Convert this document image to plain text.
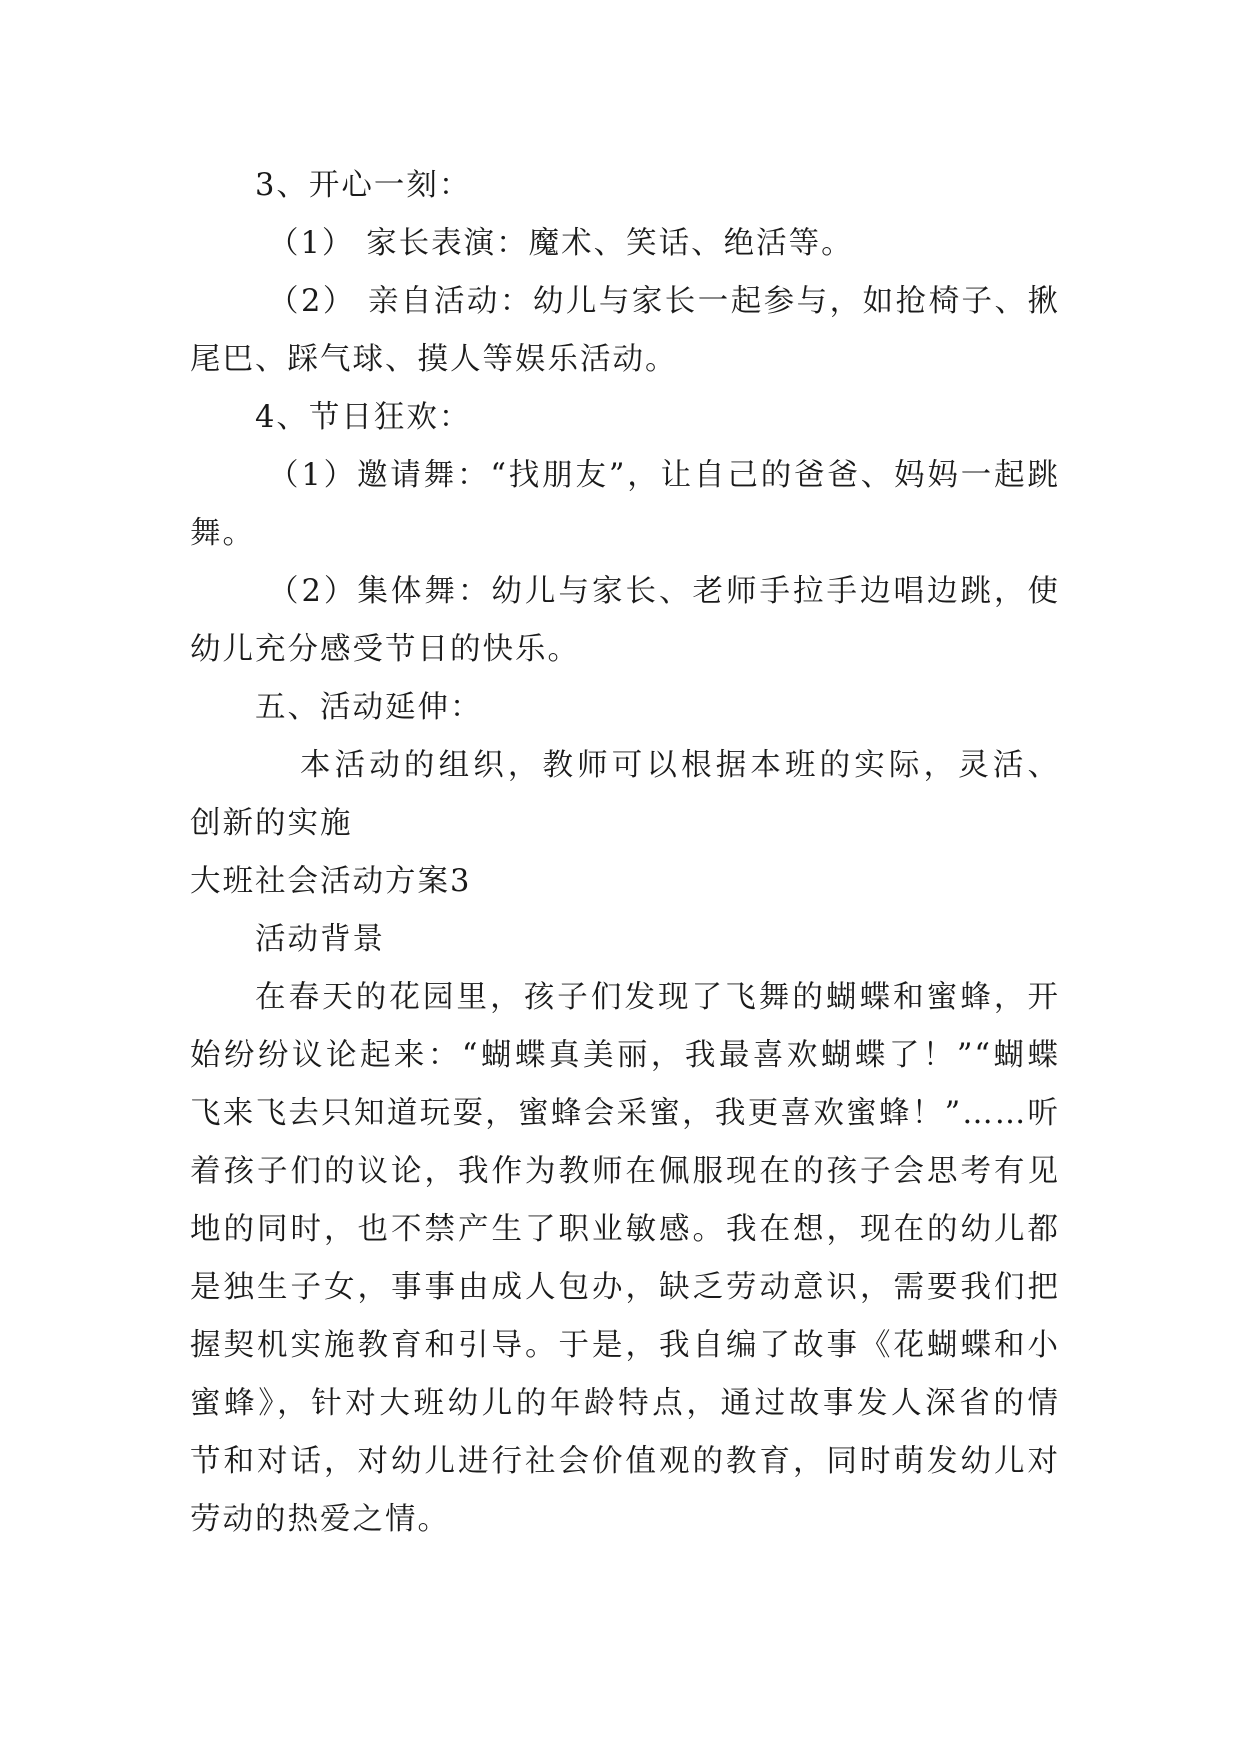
3、开心一刻：
（1） 家长表演：魔术、笑话、绝活等。
（2） 亲自活动：幼儿与家长一起参与，如抢椅子、揪
尾巴、踩气球、摸人等娱乐活动。
4、节日狂欢：
（1）邀请舞：“找朋友”，让自己的爸爸、妈妈一起跳
舞。
（2）集体舞：幼儿与家长、老师手拉手边唱边跳，使
幼儿充分感受节日的快乐。
五、活动延伸：
本活动的组织，教师可以根据本班的实际，灵活、
创新的实施
大班社会活动方案3
活动背景
在春天的花园里，孩子们发现了飞舞的蝴蝶和蜜蜂，开
始纷纷议论起来：“蝴蝶真美丽，我最喜欢蝴蝶了！”“蝴蝶
飞来飞去只知道玩耍，蜜蜂会采蜜，我更喜欢蜜蜂！”……听
着孩子们的议论，我作为教师在佩服现在的孩子会思考有见
地的同时，也不禁产生了职业敏感。我在想，现在的幼儿都
是独生子女，事事由成人包办，缺乏劳动意识，需要我们把
握契机实施教育和引导。于是，我自编了故事《花蝴蝶和小
蜜蜂》，针对大班幼儿的年龄特点，通过故事发人深省的情
节和对话，对幼儿进行社会价值观的教育，同时萌发幼儿对
劳动的热爱之情。
